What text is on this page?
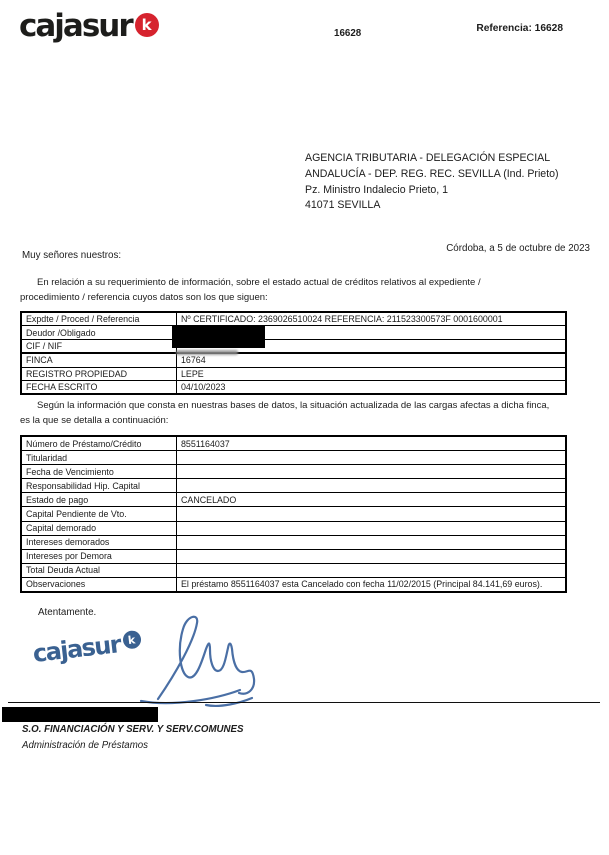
cajasur k	16628	Referencia: 16628
AGENCIA TRIBUTARIA - DELEGACIÓN ESPECIAL
ANDALUCÍA - DEP. REG. REC. SEVILLA (Ind. Prieto)
Pz. Ministro Indalecio Prieto, 1
41071 SEVILLA
Córdoba, a 5 de octubre de 2023
Muy señores nuestros:
En relación a su requerimiento de información, sobre el estado actual de créditos relativos al expediente /
procedimiento / referencia cuyos datos son los que siguen:
Expdte / Proced / Referencia	Nº CERTIFICADO: 2369026510024 REFERENCIA: 211523300573F 0001600001
Deudor /Obligado	
CIF / NIF	
FINCA	16764
REGISTRO PROPIEDAD	LEPE
FECHA ESCRITO	04/10/2023
Según la información que consta en nuestras bases de datos, la situación actualizada de las cargas afectas a dicha finca,
es la que se detalla a continuación:
Número de Préstamo/Crédito	8551164037
Titularidad	
Fecha de Vencimiento	
Responsabilidad Hip. Capital	
Estado de pago	CANCELADO
Capital Pendiente de Vto.	
Capital demorado	
Intereses demorados	
Intereses por Demora	
Total Deuda Actual	
Observaciones	El préstamo 8551164037 esta Cancelado con fecha 11/02/2015 (Principal 84.141,69 euros).
Atentamente.
cajasur k
S.O. FINANCIACIÓN Y SERV. Y SERV.COMUNES
Administración de Préstamos
